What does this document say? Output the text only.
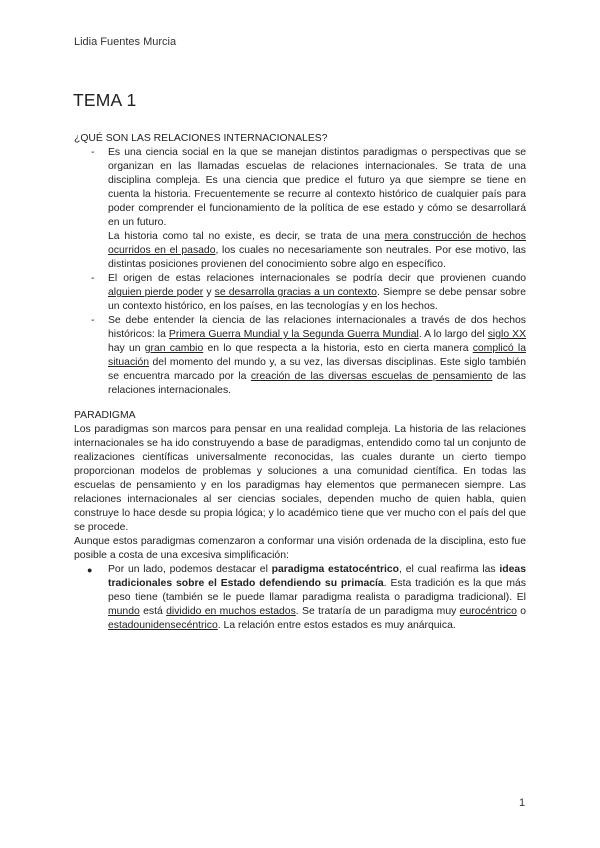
Lidia Fuentes Murcia
TEMA 1

¿QUÉ SON LAS RELACIONES INTERNACIONALES?

- Es una ciencia social en la que se manejan distintos paradigmas o perspectivas que se organizan en las llamadas escuelas de relaciones internacionales. Se trata de una disciplina compleja. Es una ciencia que predice el futuro ya que siempre se tiene en cuenta la historia. Frecuentemente se recurre al contexto histórico de cualquier país para poder comprender el funcionamiento de la política de ese estado y cómo se desarrollará en un futuro.
La historia como tal no existe, es decir, se trata de una mera construcción de hechos ocurridos en el pasado, los cuales no necesariamente son neutrales. Por ese motivo, las distintas posiciones provienen del conocimiento sobre algo en específico.
- El origen de estas relaciones internacionales se podría decir que provienen cuando alguien pierde poder y se desarrolla gracias a un contexto. Siempre se debe pensar sobre un contexto histórico, en los países, en las tecnologías y en los hechos.
- Se debe entender la ciencia de las relaciones internacionales a través de dos hechos históricos: la Primera Guerra Mundial y la Segunda Guerra Mundial. A lo largo del siglo XX hay un gran cambio en lo que respecta a la historia, esto en cierta manera complicó la situación del momento del mundo y, a su vez, las diversas disciplinas. Este siglo también se encuentra marcado por la creación de las diversas escuelas de pensamiento de las relaciones internacionales.

PARADIGMA

Los paradigmas son marcos para pensar en una realidad compleja. La historia de las relaciones internacionales se ha ido construyendo a base de paradigmas, entendido como tal un conjunto de realizaciones científicas universalmente reconocidas, las cuales durante un cierto tiempo proporcionan modelos de problemas y soluciones a una comunidad científica. En todas las escuelas de pensamiento y en los paradigmas hay elementos que permanecen siempre. Las relaciones internacionales al ser ciencias sociales, dependen mucho de quien habla, quien construye lo hace desde su propia lógica; y lo académico tiene que ver mucho con el país del que se procede.

Aunque estos paradigmas comenzaron a conformar una visión ordenada de la disciplina, esto fue posible a costa de una excesiva simplificación:

● Por un lado, podemos destacar el paradigma estatocéntrico, el cual reafirma las ideas tradicionales sobre el Estado defendiendo su primacía. Esta tradición es la que más peso tiene (también se le puede llamar paradigma realista o paradigma tradicional). El mundo está dividido en muchos estados. Se trataría de un paradigma muy eurocéntrico o estadounidensecéntrico. La relación entre estos estados es muy anárquica.
1
